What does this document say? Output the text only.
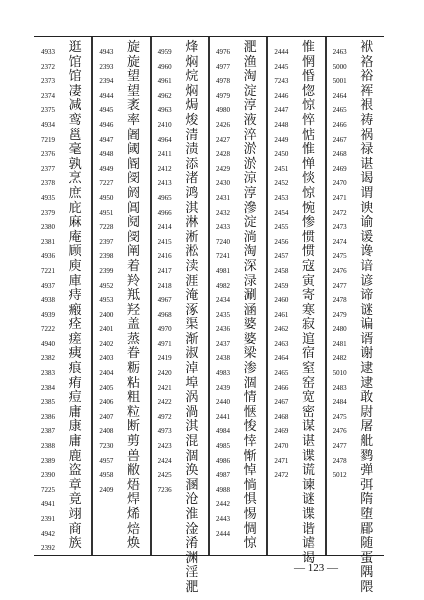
4933
2372
2373
2374
2375
4934
7219
2376
2377
2378
4935
2379
2380
2381
4936
7221
4937
4938
4939
7222
4940
2382
2383
2384
2385
2386
2387
2388
2389
2390
7225
4941
2391
4942
2392
逛
馆
馆
凄
减
鸾
邕
毫
孰
烹
庶
庇
麻
庵
顾
庾
庫
痔
瘢
痊
瘥
痍
痕
痏
痘
庸
康
庸
鹿
盗
章
竟
翊
商
族
4943
2393
2394
4944
4945
4946
4947
4948
4949
7227
4950
4951
7228
2397
2398
2399
4952
4953
2400
2401
2402
2403
2404
2405
2406
2407
2408
7230
4957
4958
2409
旋
旋
望
望
袤
率
阇
阈
阍
阌
阏
阊
阋
阌
阐
着
羚
羝
羟
盖
蒸
眷
粝
粘
粗
粒
断
剪
兽
敝
焐
焊
烯
焙
焕
4959
4960
4961
4962
4963
2410
4964
2411
2412
2413
4965
4966
2414
2415
2416
2417
2418
4967
4968
4970
4971
2419
2420
2421
2422
4972
4973
2423
2424
2425
7236
烽
焖
烷
焖
焗
焌
清
渍
添
渚
鸿
淇
淋
淅
淞
渎
涯
淹
涿
渠
渐
淑
淖
埠
涡
渦
淇
混
涸
涣
溷
沧
淮
淦
淆
渊
淫
淝
4976
4977
4978
4979
4980
2426
2427
2428
2429
2430
2431
2432
2433
7240
7241
4981
4982
2434
2435
2436
2437
2438
4983
2439
2440
2441
4984
4985
4986
4987
4988
2442
2443
2444
淝
渔
淘
淀
淳
液
淬
淤
淤
涼
淳
滲
淀
淌
淘
深
渌
涮
涵
婆
婆
梁
渗
涸
情
惬
悛
悻
惭
悼
惝
惧
惕
惆
惊
2444
2445
7243
2446
2447
2448
2449
2450
2451
2452
2453
2454
2455
2456
2457
2458
2459
2460
2461
2462
2463
2464
2465
2466
2467
2468
2469
2470
2471
2472
惟
惘
惛
惚
惊
悴
惦
惟
惮
惔
惊
惋
惨
惯
惯
寇
寅
寄
寒
寂
逭
宿
窒
窑
宽
密
谋
谌
谍
谎
谏
谜
谍
谐
谑
谒
2463
5000
5001
2464
2465
2466
2467
2468
2469
2470
2471
2472
2473
2474
2475
2476
2477
2478
2479
2480
2481
2482
5010
2483
2484
2475
2476
2477
2478
5012
袱
袼
裕
裈
裉
祷
祸
禄
谌
谒
谓
谀
谕
谖
谗
谙
谚
谛
谜
谝
谞
谢
逮
逮
敢
尉
屠
舭
鹨
弹
弭
隋
堕
郿
随
蛋
隅
隈
— 123 —
